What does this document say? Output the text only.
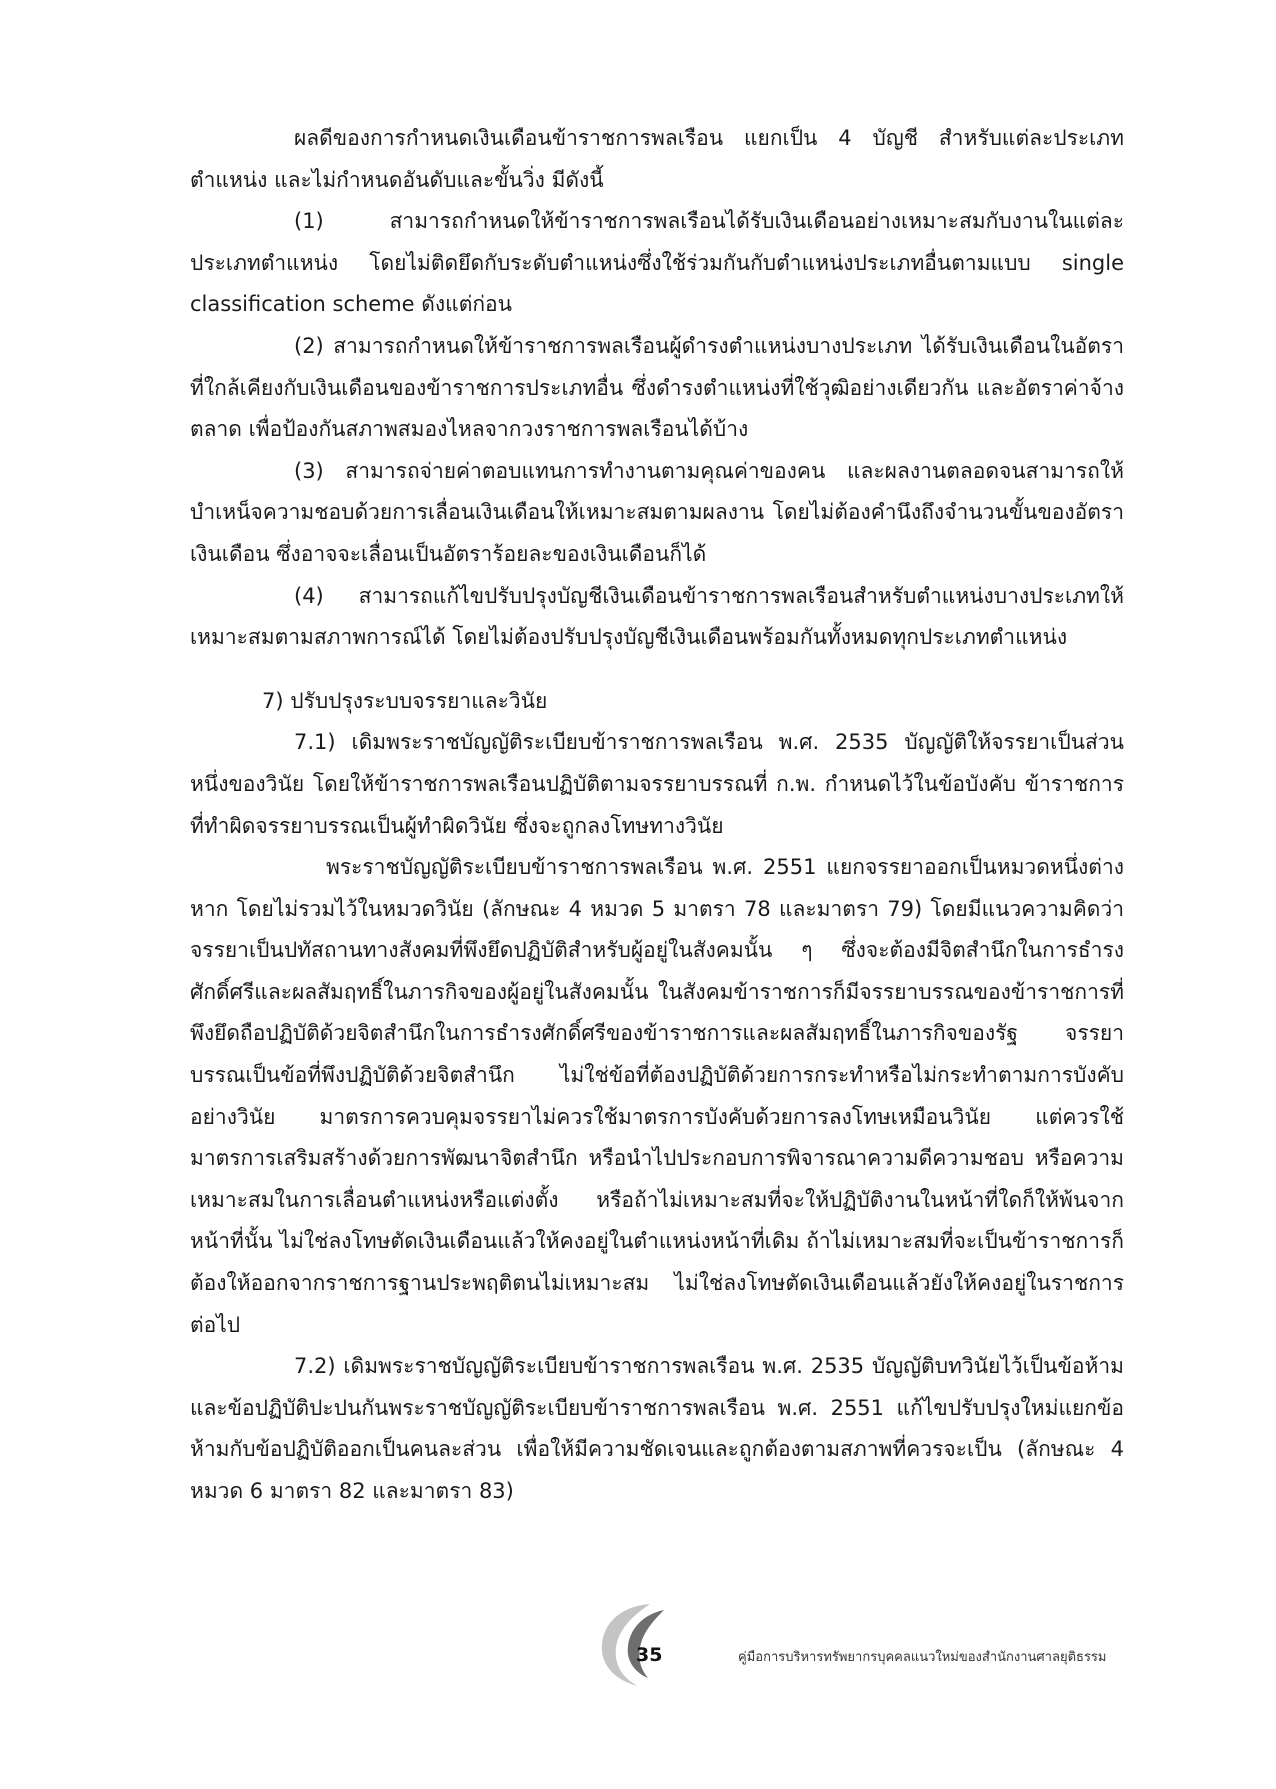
ผลดีของการกำหนดเงินเดือนข้าราชการพลเรือน แยกเป็น 4 บัญชี สำหรับแต่ละประเภทตำแหน่ง และไม่กำหนดอันดับและขั้นวิ่ง มีดังนี้

(1) สามารถกำหนดให้ข้าราชการพลเรือนได้รับเงินเดือนอย่างเหมาะสมกับงานในแต่ละประเภทตำแหน่ง โดยไม่ติดยึดกับระดับตำแหน่งซึ่งใช้ร่วมกันกับตำแหน่งประเภทอื่นตามแบบ single classification scheme ดังแต่ก่อน

(2) สามารถกำหนดให้ข้าราชการพลเรือนผู้ดำรงตำแหน่งบางประเภท ได้รับเงินเดือนในอัตราที่ใกล้เคียงกับเงินเดือนของข้าราชการประเภทอื่น ซึ่งดำรงตำแหน่งที่ใช้วุฒิอย่างเดียวกัน และอัตราค่าจ้างตลาด เพื่อป้องกันสภาพสมองไหลจากวงราชการพลเรือนได้บ้าง

(3) สามารถจ่ายค่าตอบแทนการทำงานตามคุณค่าของคน และผลงานตลอดจนสามารถให้บำเหน็จความชอบด้วยการเลื่อนเงินเดือนให้เหมาะสมตามผลงาน โดยไม่ต้องคำนึงถึงจำนวนขั้นของอัตราเงินเดือน ซึ่งอาจจะเลื่อนเป็นอัตราร้อยละของเงินเดือนก็ได้

(4) สามารถแก้ไขปรับปรุงบัญชีเงินเดือนข้าราชการพลเรือนสำหรับตำแหน่งบางประเภทให้เหมาะสมตามสภาพการณ์ได้ โดยไม่ต้องปรับปรุงบัญชีเงินเดือนพร้อมกันทั้งหมดทุกประเภทตำแหน่ง

7) ปรับปรุงระบบจรรยาและวินัย

7.1) เดิมพระราชบัญญัติระเบียบข้าราชการพลเรือน พ.ศ. 2535 บัญญัติให้จรรยาเป็นส่วนหนึ่งของวินัย โดยให้ข้าราชการพลเรือนปฏิบัติตามจรรยาบรรณที่ ก.พ. กำหนดไว้ในข้อบังคับ ข้าราชการที่ทำผิดจรรยาบรรณเป็นผู้ทำผิดวินัย ซึ่งจะถูกลงโทษทางวินัย

พระราชบัญญัติระเบียบข้าราชการพลเรือน พ.ศ. 2551 แยกจรรยาออกเป็นหมวดหนึ่งต่างหาก โดยไม่รวมไว้ในหมวดวินัย (ลักษณะ 4 หมวด 5 มาตรา 78 และมาตรา 79) โดยมีแนวความคิดว่า จรรยาเป็นปทัสถานทางสังคมที่พึงยึดปฏิบัติสำหรับผู้อยู่ในสังคมนั้น ๆ ซึ่งจะต้องมีจิตสำนึกในการธำรงศักดิ์ศรีและผลสัมฤทธิ์ในภารกิจของผู้อยู่ในสังคมนั้น ในสังคมข้าราชการก็มีจรรยาบรรณของข้าราชการที่พึงยึดถือปฏิบัติด้วยจิตสำนึกในการธำรงศักดิ์ศรีของข้าราชการและผลสัมฤทธิ์ในภารกิจของรัฐ จรรยาบรรณเป็นข้อที่พึงปฏิบัติด้วยจิตสำนึก ไม่ใช่ข้อที่ต้องปฏิบัติด้วยการกระทำหรือไม่กระทำตามการบังคับอย่างวินัย มาตรการควบคุมจรรยาไม่ควรใช้มาตรการบังคับด้วยการลงโทษเหมือนวินัย แต่ควรใช้มาตรการเสริมสร้างด้วยการพัฒนาจิตสำนึก หรือนำไปประกอบการพิจารณาความดีความชอบ หรือความเหมาะสมในการเลื่อนตำแหน่งหรือแต่งตั้ง หรือถ้าไม่เหมาะสมที่จะให้ปฏิบัติงานในหน้าที่ใดก็ให้พ้นจากหน้าที่นั้น ไม่ใช่ลงโทษตัดเงินเดือนแล้วให้คงอยู่ในตำแหน่งหน้าที่เดิม ถ้าไม่เหมาะสมที่จะเป็นข้าราชการก็ต้องให้ออกจากราชการฐานประพฤติตนไม่เหมาะสม ไม่ใช่ลงโทษตัดเงินเดือนแล้วยังให้คงอยู่ในราชการต่อไป

7.2) เดิมพระราชบัญญัติระเบียบข้าราชการพลเรือน พ.ศ. 2535 บัญญัติบทวินัยไว้เป็นข้อห้ามและข้อปฏิบัติปะปนกันพระราชบัญญัติระเบียบข้าราชการพลเรือน พ.ศ. 2551 แก้ไขปรับปรุงใหม่แยกข้อห้ามกับข้อปฏิบัติออกเป็นคนละส่วน เพื่อให้มีความชัดเจนและถูกต้องตามสภาพที่ควรจะเป็น (ลักษณะ 4 หมวด 6 มาตรา 82 และมาตรา 83)

35	คู่มือการบริหารทรัพยากรบุคคลแนวใหม่ของสำนักงานศาลยุติธรรม
